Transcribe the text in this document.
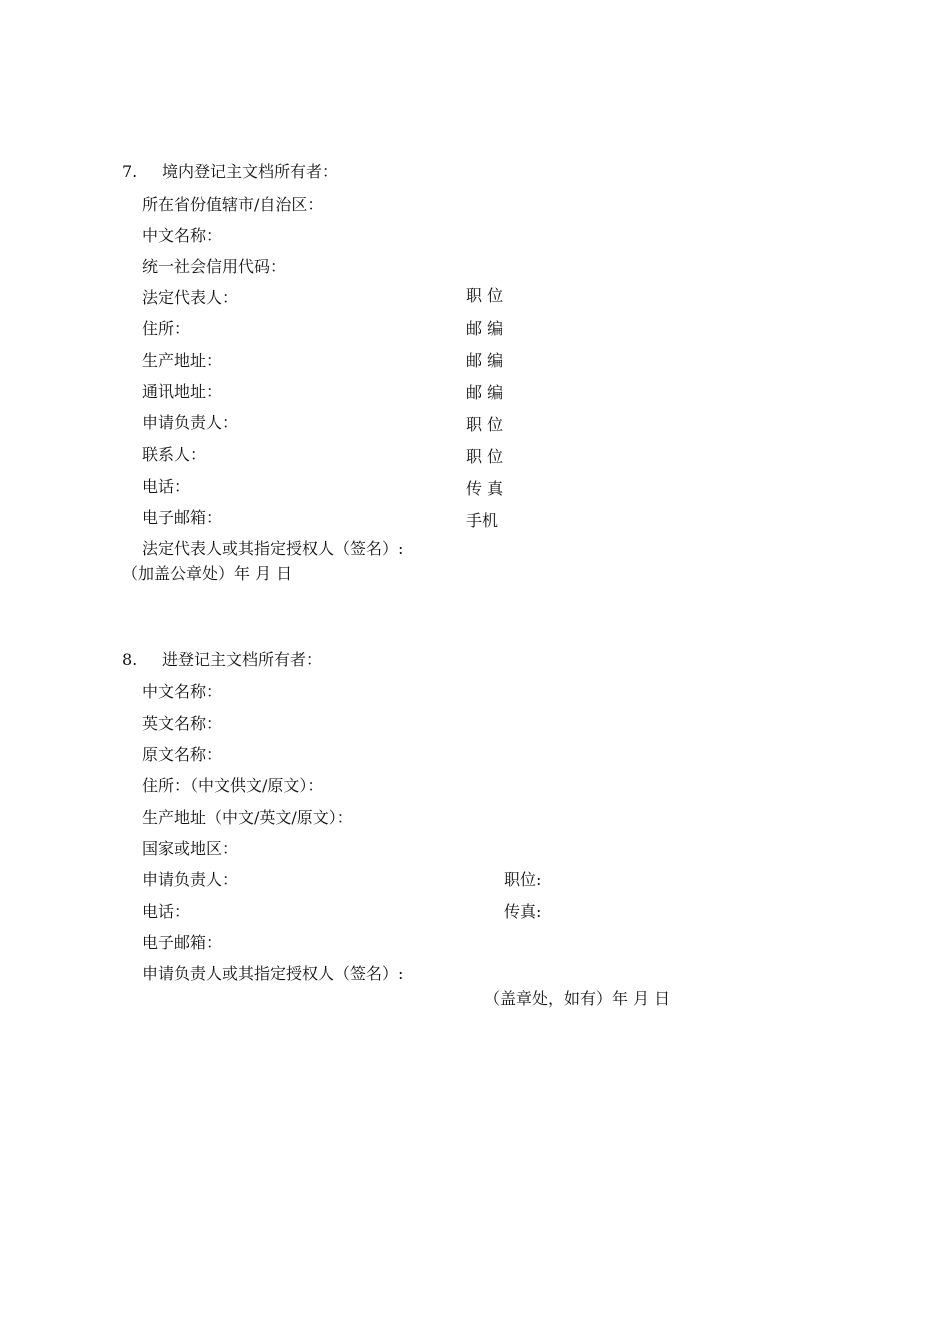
7. 境内登记主文档所有者：
所在省份值辖市/自治区：
中文名称：
统一社会信用代码：
法定代表人：	职 位
住所：	邮 编
生产地址：	邮 编
通讯地址：	邮 编
申请负责人：	职 位
联系人：	职 位
电话：	传 真
电子邮箱：	手机
法定代表人或其指定授权人（签名）:
（加盖公章处）年 月 日
8. 进登记主文档所有者：
中文名称：
英文名称：
原文名称：
住所：（中文供文/原文）：
生产地址（中文/英文/原文）：
国家或地区：
申请负责人：	职位:
电话：	传真:
电子邮箱：
申请负责人或其指定授权人（签名）:
（盖章处，如有）年 月 日
